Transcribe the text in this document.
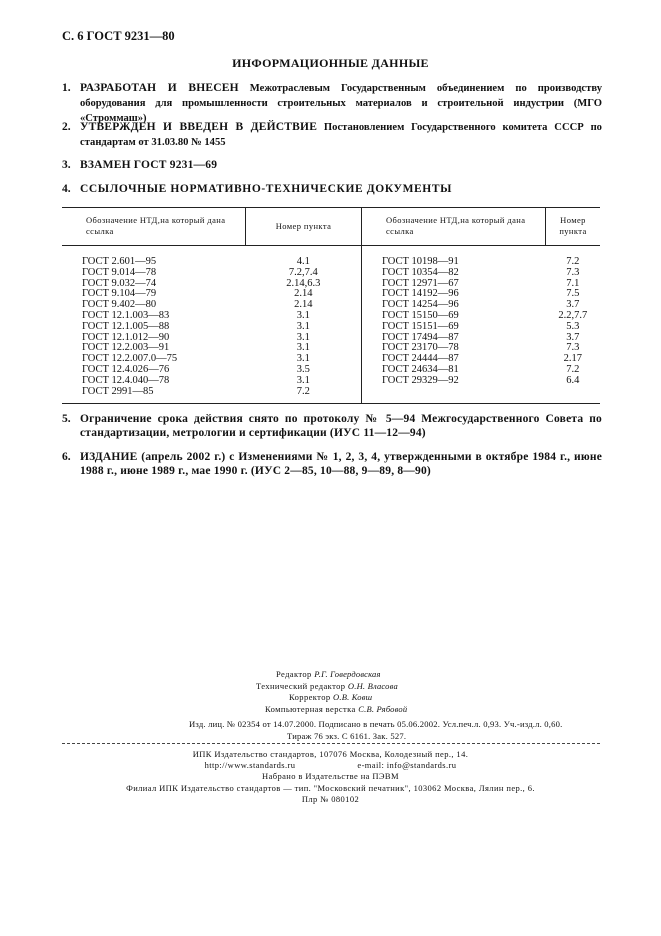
С. 6 ГОСТ 9231—80
ИНФОРМАЦИОННЫЕ ДАННЫЕ
1. РАЗРАБОТАН И ВНЕСЕН Межотраслевым Государственным объединением по производству оборудования для промышленности строительных материалов и строительной индустрии (МГО «Строммаш»)
2. УТВЕРЖДЕН И ВВЕДЕН В ДЕЙСТВИЕ Постановлением Государственного комитета СССР по стандартам от 31.03.80 № 1455
3. ВЗАМЕН ГОСТ 9231—69
4. ССЫЛОЧНЫЕ НОРМАТИВНО-ТЕХНИЧЕСКИЕ ДОКУМЕНТЫ
Обозначение НТД,на который дана ссылка	Номер пункта	Обозначение НТД,на который дана ссылка	Номер пункта
ГОСТ 2.601—95	4.1	ГОСТ 10198—91	7.2
ГОСТ 9.014—78	7.2,7.4	ГОСТ 10354—82	7.3
ГОСТ 9.032—74	2.14,6.3	ГОСТ 12971—67	7.1
ГОСТ 9.104—79	2.14	ГОСТ 14192—96	7.5
ГОСТ 9.402—80	2.14	ГОСТ 14254—96	3.7
ГОСТ 12.1.003—83	3.1	ГОСТ 15150—69	2.2,7.7
ГОСТ 12.1.005—88	3.1	ГОСТ 15151—69	5.3
ГОСТ 12.1.012—90	3.1	ГОСТ 17494—87	3.7
ГОСТ 12.2.003—91	3.1	ГОСТ 23170—78	7.3
ГОСТ 12.2.007.0—75	3.1	ГОСТ 24444—87	2.17
ГОСТ 12.4.026—76	3.5	ГОСТ 24634—81	7.2
ГОСТ 12.4.040—78	3.1	ГОСТ 29329—92	6.4
ГОСТ 2991—85	7.2		
5. Ограничение срока действия снято по протоколу № 5—94 Межгосударственного Совета по стандартизации, метрологии и сертификации (ИУС 11—12—94)
6. ИЗДАНИЕ (апрель 2002 г.) с Изменениями № 1, 2, 3, 4, утвержденными в октябре 1984 г., июне 1988 г., июне 1989 г., мае 1990 г. (ИУС 2—85, 10—88, 9—89, 8—90)
Редактор Р.Г. Говердовская
Технический редактор О.Н. Власова
Корректор О.В. Ковш
Компьютерная верстка С.В. Рябовой
Изд. лиц. № 02354 от 14.07.2000. Подписано в печать 05.06.2002. Усл.печ.л. 0,93. Уч.-изд.л. 0,60.
Тираж 76 экз. С 6161. Зак. 527.
ИПК Издательство стандартов, 107076 Москва, Колодезный пер., 14.
http://www.standards.ru	e-mail: info@standards.ru
Набрано в Издательстве на ПЭВМ
Филиал ИПК Издательство стандартов — тип. "Московский печатник", 103062 Москва, Лялин пер., 6.
Плр № 080102
